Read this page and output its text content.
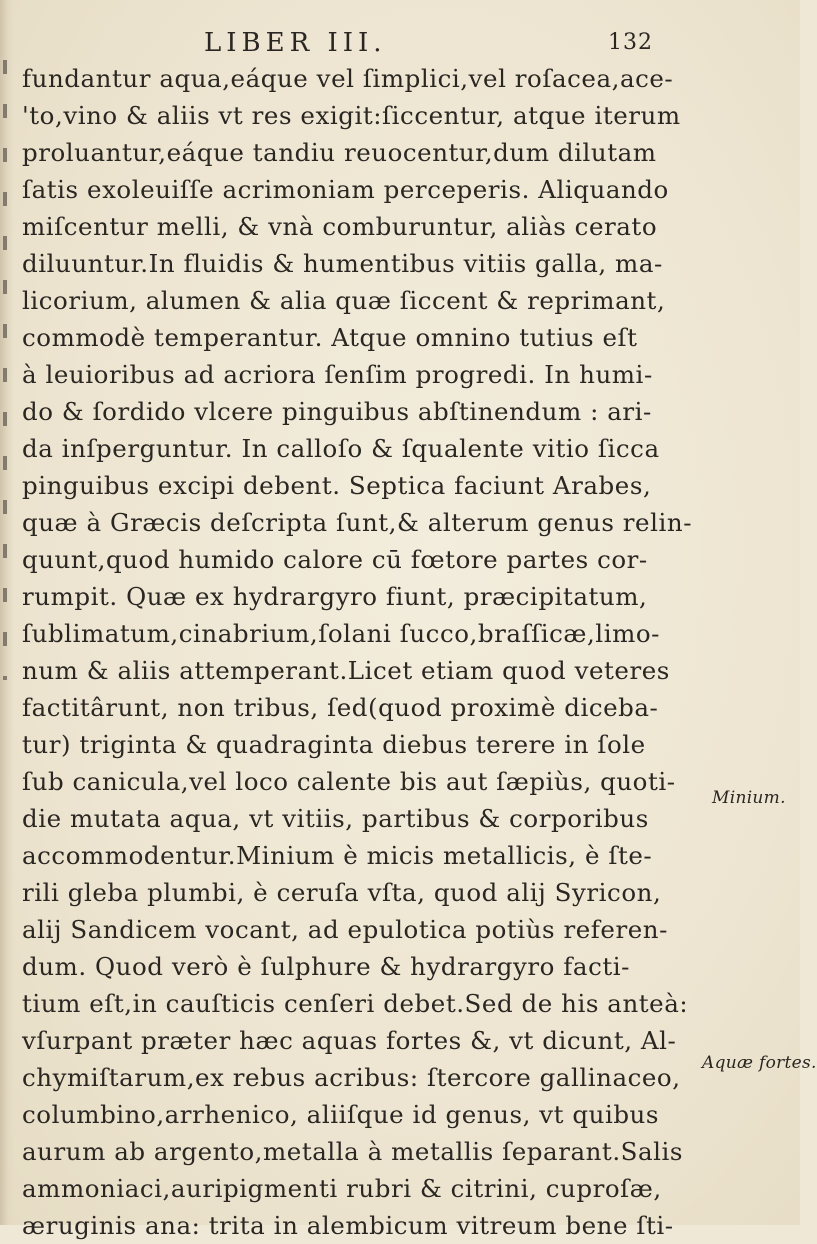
LIBER III.	132
fundantur aqua,eáque vel ſimplici,vel roſacea,ace-
'to,vino & aliis vt res exigit:ſiccentur, atque iterum
proluantur,eáque tandiu reuocentur,dum dilutam
ſatis exoleuiſſe acrimoniam perceperis. Aliquando
miſcentur melli, & vnà comburuntur, aliàs cerato
diluuntur.In fluidis & humentibus vitiis galla, ma-
licorium, alumen & alia quæ ſiccent & reprimant,
commodè temperantur. Atque omnino tutius eſt
à leuioribus ad acriora ſenſim progredi. In humi-
do & ſordido vlcere pinguibus abſtinendum : ari-
da inſperguntur. In calloſo & ſqualente vitio ſicca
pinguibus excipi debent. Septica faciunt Arabes,
quæ à Græcis deſcripta ſunt,& alterum genus relin-
quunt,quod humido calore cū fœtore partes cor-
rumpit. Quæ ex hydrargyro fiunt, præcipitatum,
ſublimatum,cinabrium,ſolani ſucco,braſſicæ,limo-
num & aliis attemperant.Licet etiam quod veteres
factitârunt, non tribus, ſed(quod proximè diceba-
tur) triginta & quadraginta diebus terere in ſole
ſub canicula,vel loco calente bis aut ſæpiùs, quoti-
die mutata aqua, vt vitiis, partibus & corporibus
accommodentur.Minium è micis metallicis, è ſte-
rili gleba plumbi, è ceruſa vſta, quod alij Syricon,
alij Sandicem vocant, ad epulotica potiùs referen-
dum. Quod verò è ſulphure & hydrargyro facti-
tium eſt,in cauſticis cenſeri debet.Sed de his anteà:
vſurpant præter hæc aquas fortes &, vt dicunt, Al-
chymiſtarum,ex rebus acribus: ſtercore gallinaceo,
columbino,arrhenico, aliiſque id genus, vt quibus
aurum ab argento,metalla à metallis ſeparant.Salis
ammoniaci,auripigmenti rubri & citrini, cuproſæ,
æruginis ana: trita in alembicum vitreum bene ſti-
Minium.
Aquæ fortes.
